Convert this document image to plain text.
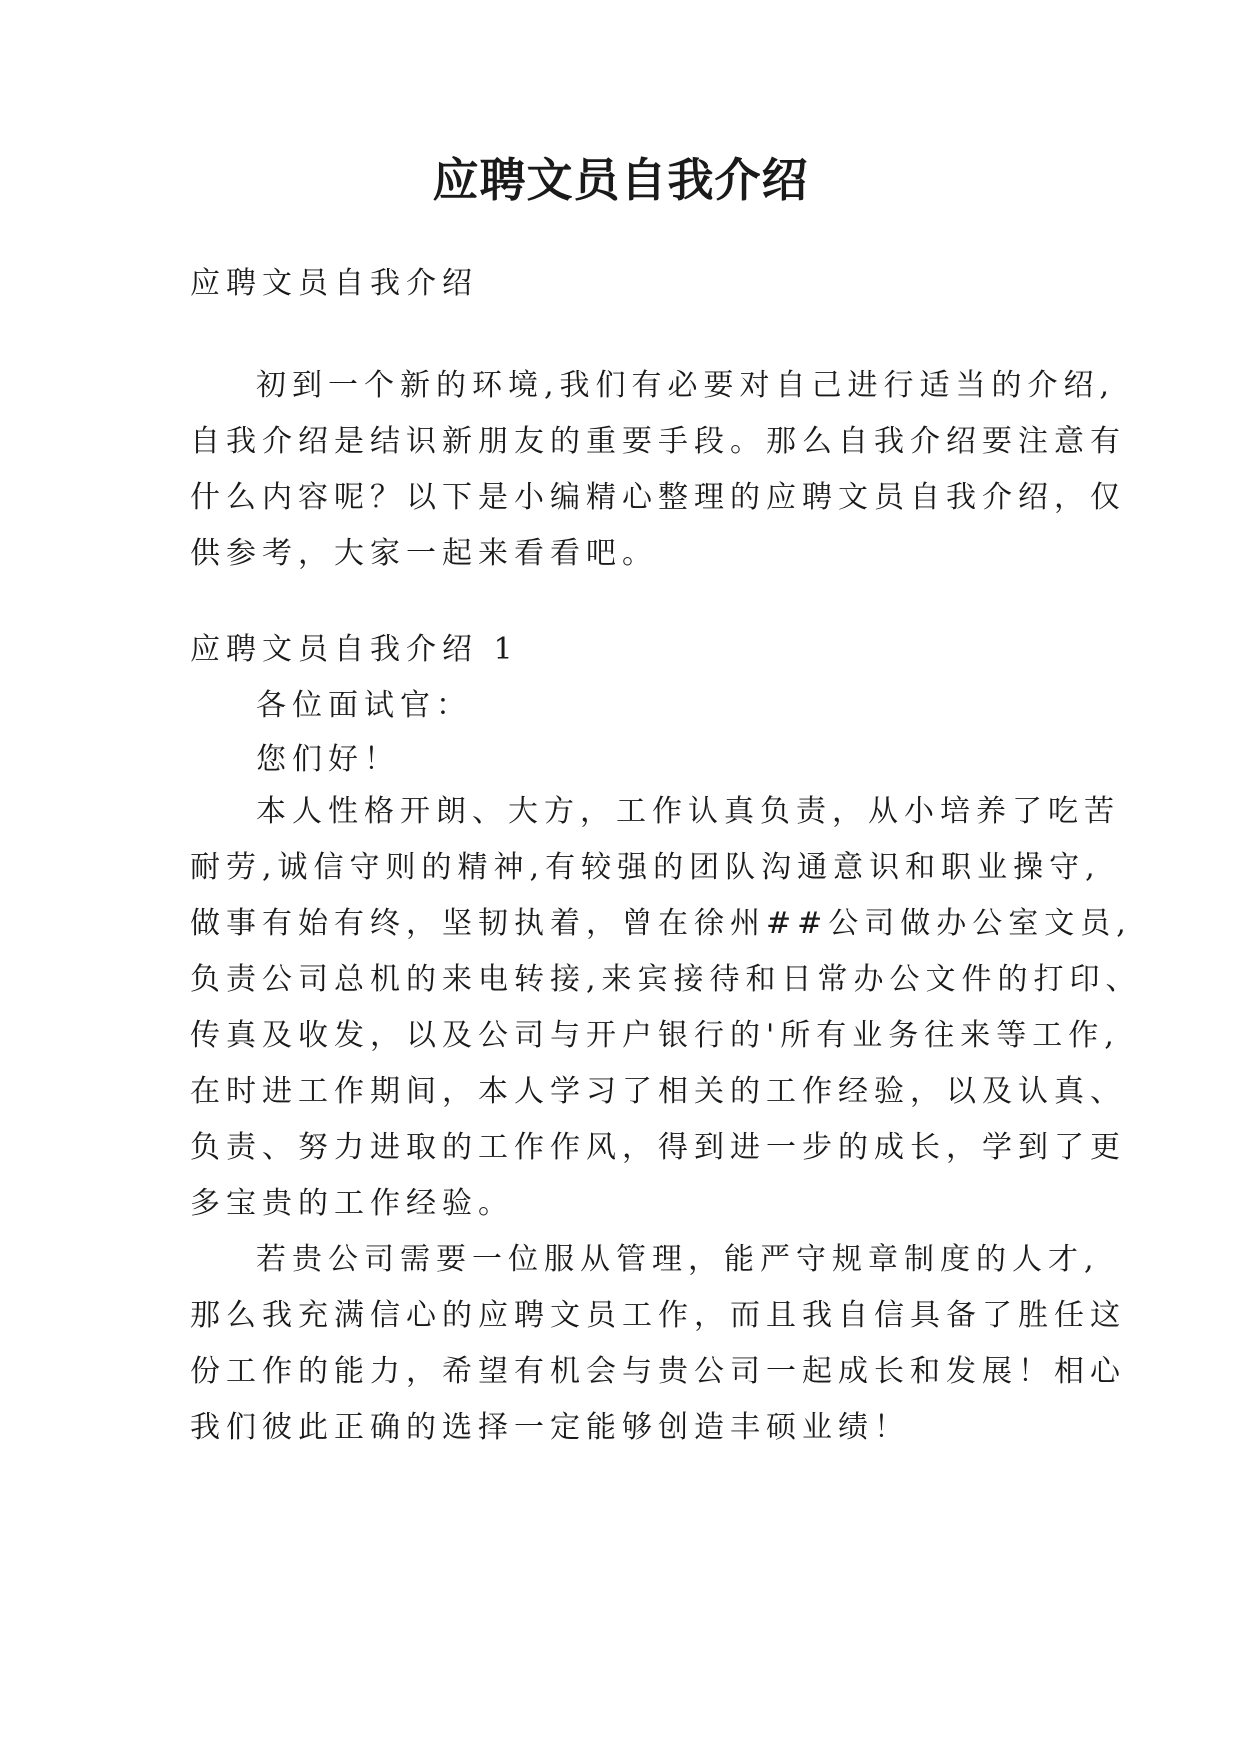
应聘文员自我介绍

应聘文员自我介绍

初到一个新的环境,我们有必要对自己进行适当的介绍,

自我介绍是结识新朋友的重要手段。那么自我介绍要注意有

什么内容呢？以下是小编精心整理的应聘文员自我介绍，仅

供参考，大家一起来看看吧。

应聘文员自我介绍 1

各位面试官：

您们好！

本人性格开朗、大方，工作认真负责，从小培养了吃苦

耐劳,诚信守则的精神,有较强的团队沟通意识和职业操守,

做事有始有终，坚韧执着，曾在徐州##公司做办公室文员,

负责公司总机的来电转接,来宾接待和日常办公文件的打印、

传真及收发，以及公司与开户银行的'所有业务往来等工作,

在时进工作期间，本人学习了相关的工作经验，以及认真、

负责、努力进取的工作作风，得到进一步的成长，学到了更

多宝贵的工作经验。

若贵公司需要一位服从管理，能严守规章制度的人才,

那么我充满信心的应聘文员工作，而且我自信具备了胜任这

份工作的能力，希望有机会与贵公司一起成长和发展！相心

我们彼此正确的选择一定能够创造丰硕业绩！
